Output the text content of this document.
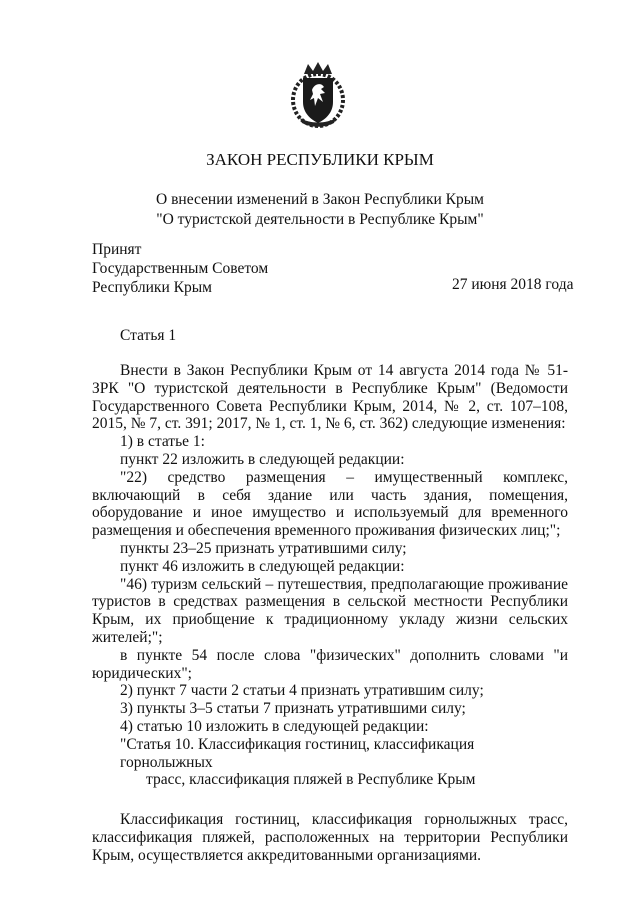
ЗАКОН РЕСПУБЛИКИ КРЫМ
О внесении изменений в Закон Республики Крым
"О туристской деятельности в Республике Крым"
Принят
Государственным Советом
Республики Крым	27 июня 2018 года
Статья 1

Внести в Закон Республики Крым от 14 августа 2014 года № 51-ЗРК "О туристской деятельности в Республике Крым" (Ведомости Государственного Совета Республики Крым, 2014, № 2, ст. 107–108, 2015, № 7, ст. 391; 2017, № 1, ст. 1, № 6, ст. 362) следующие изменения:

1) в статье 1:

пункт 22 изложить в следующей редакции:

"22) средство размещения – имущественный комплекс, включающий в себя здание или часть здания, помещения, оборудование и иное имущество и используемый для временного размещения и обеспечения временного проживания физических лиц;";

пункты 23–25 признать утратившими силу;

пункт 46 изложить в следующей редакции:

"46) туризм сельский – путешествия, предполагающие проживание туристов в средствах размещения в сельской местности Республики Крым, их приобщение к традиционному укладу жизни сельских жителей;";

в пункте 54 после слова "физических" дополнить словами "и юридических";

2) пункт 7 части 2 статьи 4 признать утратившим силу;

3) пункты 3–5 статьи 7 признать утратившими силу;

4) статью 10 изложить в следующей редакции:

"Статья 10. Классификация гостиниц, классификация горнолыжных

трасс, классификация пляжей в Республике Крым

Классификация гостиниц, классификация горнолыжных трасс, классификация пляжей, расположенных на территории Республики Крым, осуществляется аккредитованными организациями.
